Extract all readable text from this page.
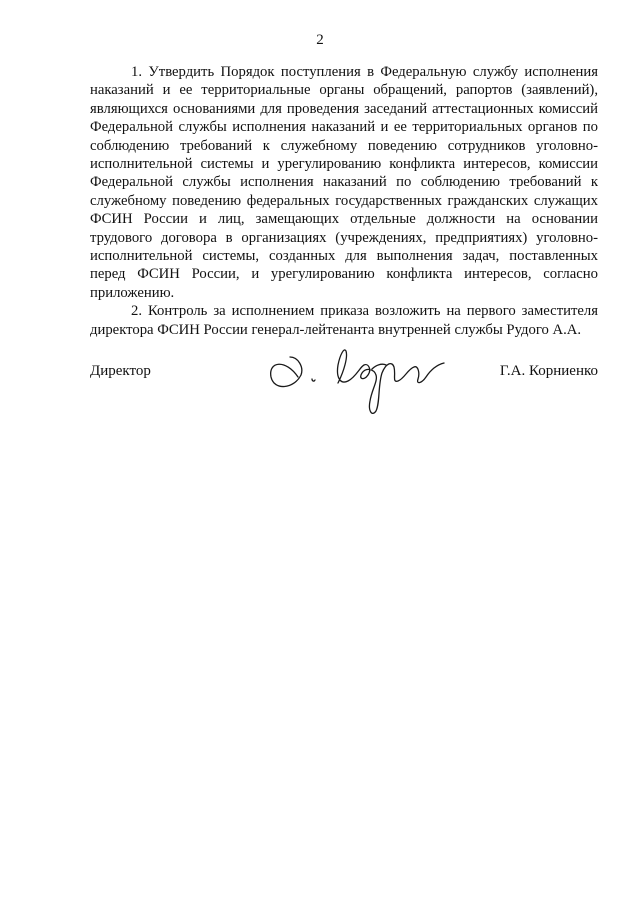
2

1. Утвердить Порядок поступления в Федеральную службу исполнения наказаний и ее территориальные органы обращений, рапортов (заявлений), являющихся основаниями для проведения заседаний аттестационных комиссий Федеральной службы исполнения наказаний и ее территориальных органов по соблюдению требований к служебному поведению сотрудников уголовно-исполнительной системы и урегулированию конфликта интересов, комиссии Федеральной службы исполнения наказаний по соблюдению требований к служебному поведению федеральных государственных гражданских служащих ФСИН России и лиц, замещающих отдельные должности на основании трудового договора в организациях (учреждениях, предприятиях) уголовно-исполнительной системы, созданных для выполнения задач, поставленных перед ФСИН России, и урегулированию конфликта интересов, согласно приложению.

2. Контроль за исполнением приказа возложить на первого заместителя директора ФСИН России генерал-лейтенанта внутренней службы Рудого А.А.

Директор	Г.А. Корниенко
